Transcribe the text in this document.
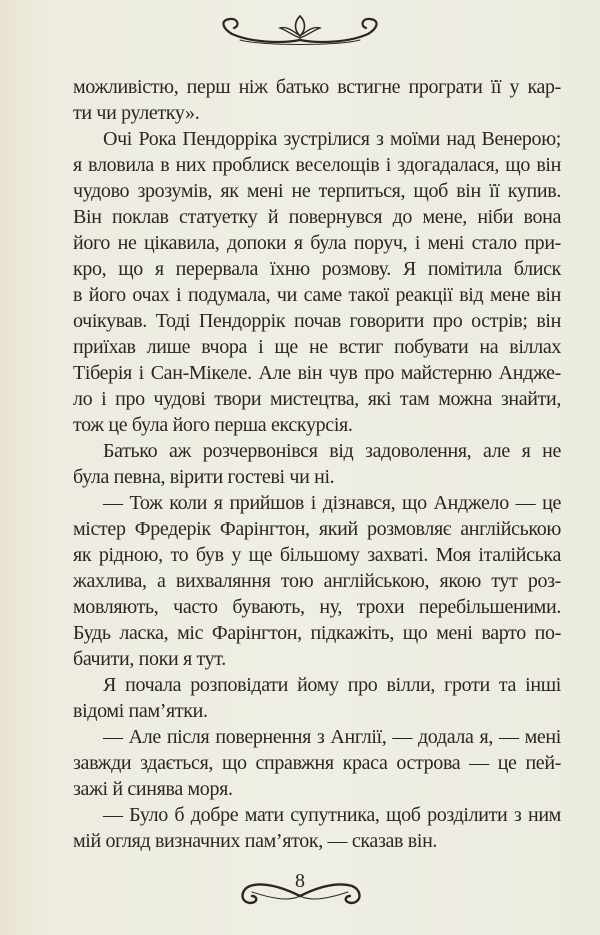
можливістю, перш ніж батько встигне програти її у кар-
ти чи рулетку».
Очі Рока Пендорріка зустрілися з моїми над Венерою;
я вловила в них проблиск веселощів і здогадалася, що він
чудово зрозумів, як мені не терпиться, щоб він її купив.
Він поклав статуетку й повернувся до мене, ніби вона
його не цікавила, допоки я була поруч, і мені стало при-
кро, що я перервала їхню розмову. Я помітила блиск
в його очах і подумала, чи саме такої реакції від мене він
очікував. Тоді Пендоррік почав говорити про острів; він
приїхав лише вчора і ще не встиг побувати на віллах
Тіберія і Сан-Мікеле. Але він чув про майстерню Андже-
ло і про чудові твори мистецтва, які там можна знайти,
тож це була його перша екскурсія.
Батько аж розчервонівся від задоволення, але я не
була певна, вірити гостеві чи ні.
— Тож коли я прийшов і дізнався, що Анджело — це
містер Фредерік Фарінгтон, який розмовляє англійською
як рідною, то був у ще більшому захваті. Моя італійська
жахлива, а вихваляння тою англійською, якою тут роз-
мовляють, часто бувають, ну, трохи перебільшеними.
Будь ласка, міс Фарінгтон, підкажіть, що мені варто по-
бачити, поки я тут.
Я почала розповідати йому про вілли, гроти та інші
відомі пам’ятки.
— Але після повернення з Англії, — додала я, — мені
завжди здається, що справжня краса острова — це пей-
зажі й синява моря.
— Було б добре мати супутника, щоб розділити з ним
мій огляд визначних пам’яток, — сказав він.
8
